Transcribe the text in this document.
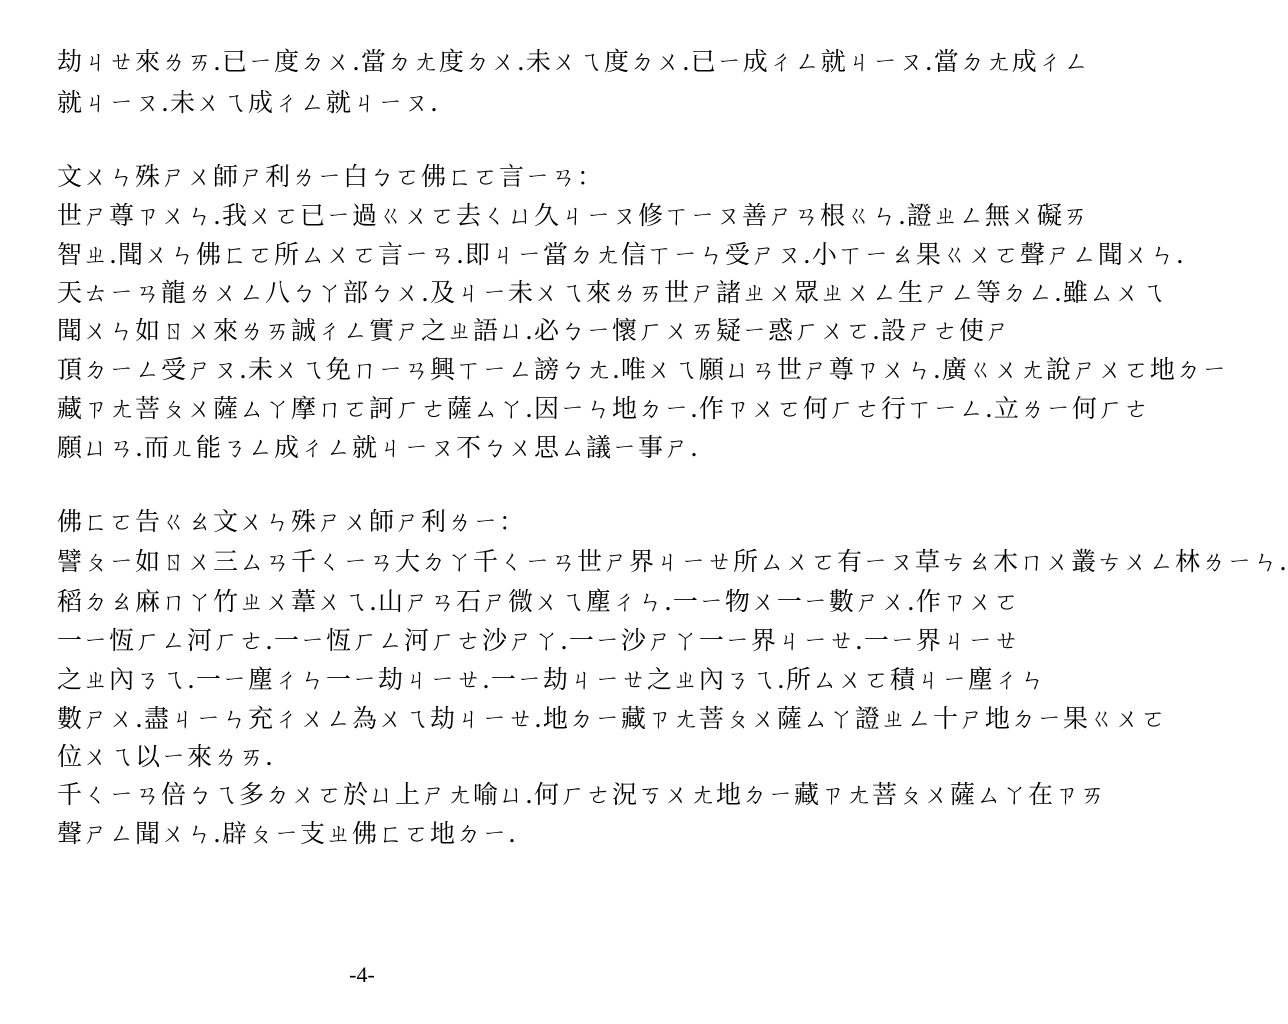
劫ㄐㄝ來ㄌㄞ.已ㄧ度ㄉㄨ.當ㄉㄤ度ㄉㄨ.未ㄨㄟ度ㄉㄨ.已ㄧ成ㄔㄥ就ㄐㄧㄡ.當ㄉㄤ成ㄔㄥ
就ㄐㄧㄡ.未ㄨㄟ成ㄔㄥ就ㄐㄧㄡ.
文ㄨㄣ殊ㄕㄨ師ㄕ利ㄌㄧ白ㄅㄛ佛ㄈㄛ言ㄧㄢ：
世ㄕ尊ㄗㄨㄣ.我ㄨㄛ已ㄧ過ㄍㄨㄛ去ㄑㄩ久ㄐㄧㄡ修ㄒㄧㄡ善ㄕㄢ根ㄍㄣ.證ㄓㄥ無ㄨ礙ㄞ
智ㄓ.聞ㄨㄣ佛ㄈㄛ所ㄙㄨㄛ言ㄧㄢ.即ㄐㄧ當ㄉㄤ信ㄒㄧㄣ受ㄕㄡ.小ㄒㄧㄠ果ㄍㄨㄛ聲ㄕㄥ聞ㄨㄣ.
天ㄊㄧㄢ龍ㄌㄨㄥ八ㄅㄚ部ㄅㄨ.及ㄐㄧ未ㄨㄟ來ㄌㄞ世ㄕ諸ㄓㄨ眾ㄓㄨㄥ生ㄕㄥ等ㄉㄥ.雖ㄙㄨㄟ
聞ㄨㄣ如ㄖㄨ來ㄌㄞ誠ㄔㄥ實ㄕ之ㄓ語ㄩ.必ㄅㄧ懷ㄏㄨㄞ疑ㄧ惑ㄏㄨㄛ.設ㄕㄜ使ㄕ
頂ㄉㄧㄥ受ㄕㄡ.未ㄨㄟ免ㄇㄧㄢ興ㄒㄧㄥ謗ㄅㄤ.唯ㄨㄟ願ㄩㄢ世ㄕ尊ㄗㄨㄣ.廣ㄍㄨㄤ說ㄕㄨㄛ地ㄉㄧ
藏ㄗㄤ菩ㄆㄨ薩ㄙㄚ摩ㄇㄛ訶ㄏㄜ薩ㄙㄚ.因ㄧㄣ地ㄉㄧ.作ㄗㄨㄛ何ㄏㄜ行ㄒㄧㄥ.立ㄌㄧ何ㄏㄜ
願ㄩㄢ.而ㄦ能ㄋㄥ成ㄔㄥ就ㄐㄧㄡ不ㄅㄨ思ㄙ議ㄧ事ㄕ.
佛ㄈㄛ告ㄍㄠ文ㄨㄣ殊ㄕㄨ師ㄕ利ㄌㄧ：
譬ㄆㄧ如ㄖㄨ三ㄙㄢ千ㄑㄧㄢ大ㄉㄚ千ㄑㄧㄢ世ㄕ界ㄐㄧㄝ所ㄙㄨㄛ有ㄧㄡ草ㄘㄠ木ㄇㄨ叢ㄘㄨㄥ林ㄌㄧㄣ.
稻ㄉㄠ麻ㄇㄚ竹ㄓㄨ葦ㄨㄟ.山ㄕㄢ石ㄕ微ㄨㄟ塵ㄔㄣ.一ㄧ物ㄨ一ㄧ數ㄕㄨ.作ㄗㄨㄛ
一ㄧ恆ㄏㄥ河ㄏㄜ.一ㄧ恆ㄏㄥ河ㄏㄜ沙ㄕㄚ.一ㄧ沙ㄕㄚ一ㄧ界ㄐㄧㄝ.一ㄧ界ㄐㄧㄝ
之ㄓ內ㄋㄟ.一ㄧ塵ㄔㄣ一ㄧ劫ㄐㄧㄝ.一ㄧ劫ㄐㄧㄝ之ㄓ內ㄋㄟ.所ㄙㄨㄛ積ㄐㄧ塵ㄔㄣ
數ㄕㄨ.盡ㄐㄧㄣ充ㄔㄨㄥ為ㄨㄟ劫ㄐㄧㄝ.地ㄉㄧ藏ㄗㄤ菩ㄆㄨ薩ㄙㄚ證ㄓㄥ十ㄕ地ㄉㄧ果ㄍㄨㄛ
位ㄨㄟ以ㄧ來ㄌㄞ.
千ㄑㄧㄢ倍ㄅㄟ多ㄉㄨㄛ於ㄩ上ㄕㄤ喻ㄩ.何ㄏㄜ況ㄎㄨㄤ地ㄉㄧ藏ㄗㄤ菩ㄆㄨ薩ㄙㄚ在ㄗㄞ
聲ㄕㄥ聞ㄨㄣ.辟ㄆㄧ支ㄓ佛ㄈㄛ地ㄉㄧ.
-4-
